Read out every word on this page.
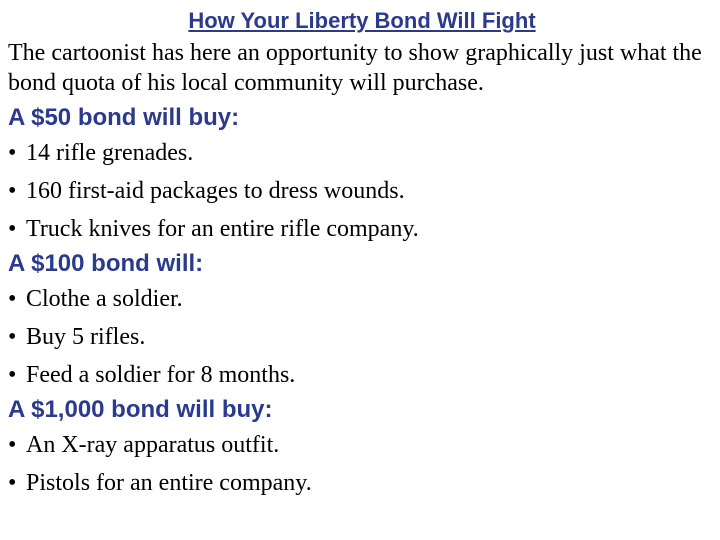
How Your Liberty Bond Will Fight

The cartoonist has here an opportunity to show graphically just what the bond quota of his local community will purchase.

A $50 bond will buy:
• 14 rifle grenades.
• 160 first-aid packages to dress wounds.
• Truck knives for an entire rifle company.
A $100 bond will:
• Clothe a soldier.
• Buy 5 rifles.
• Feed a soldier for 8 months.
A $1,000 bond will buy:
• An X-ray apparatus outfit.
• Pistols for an entire company.
